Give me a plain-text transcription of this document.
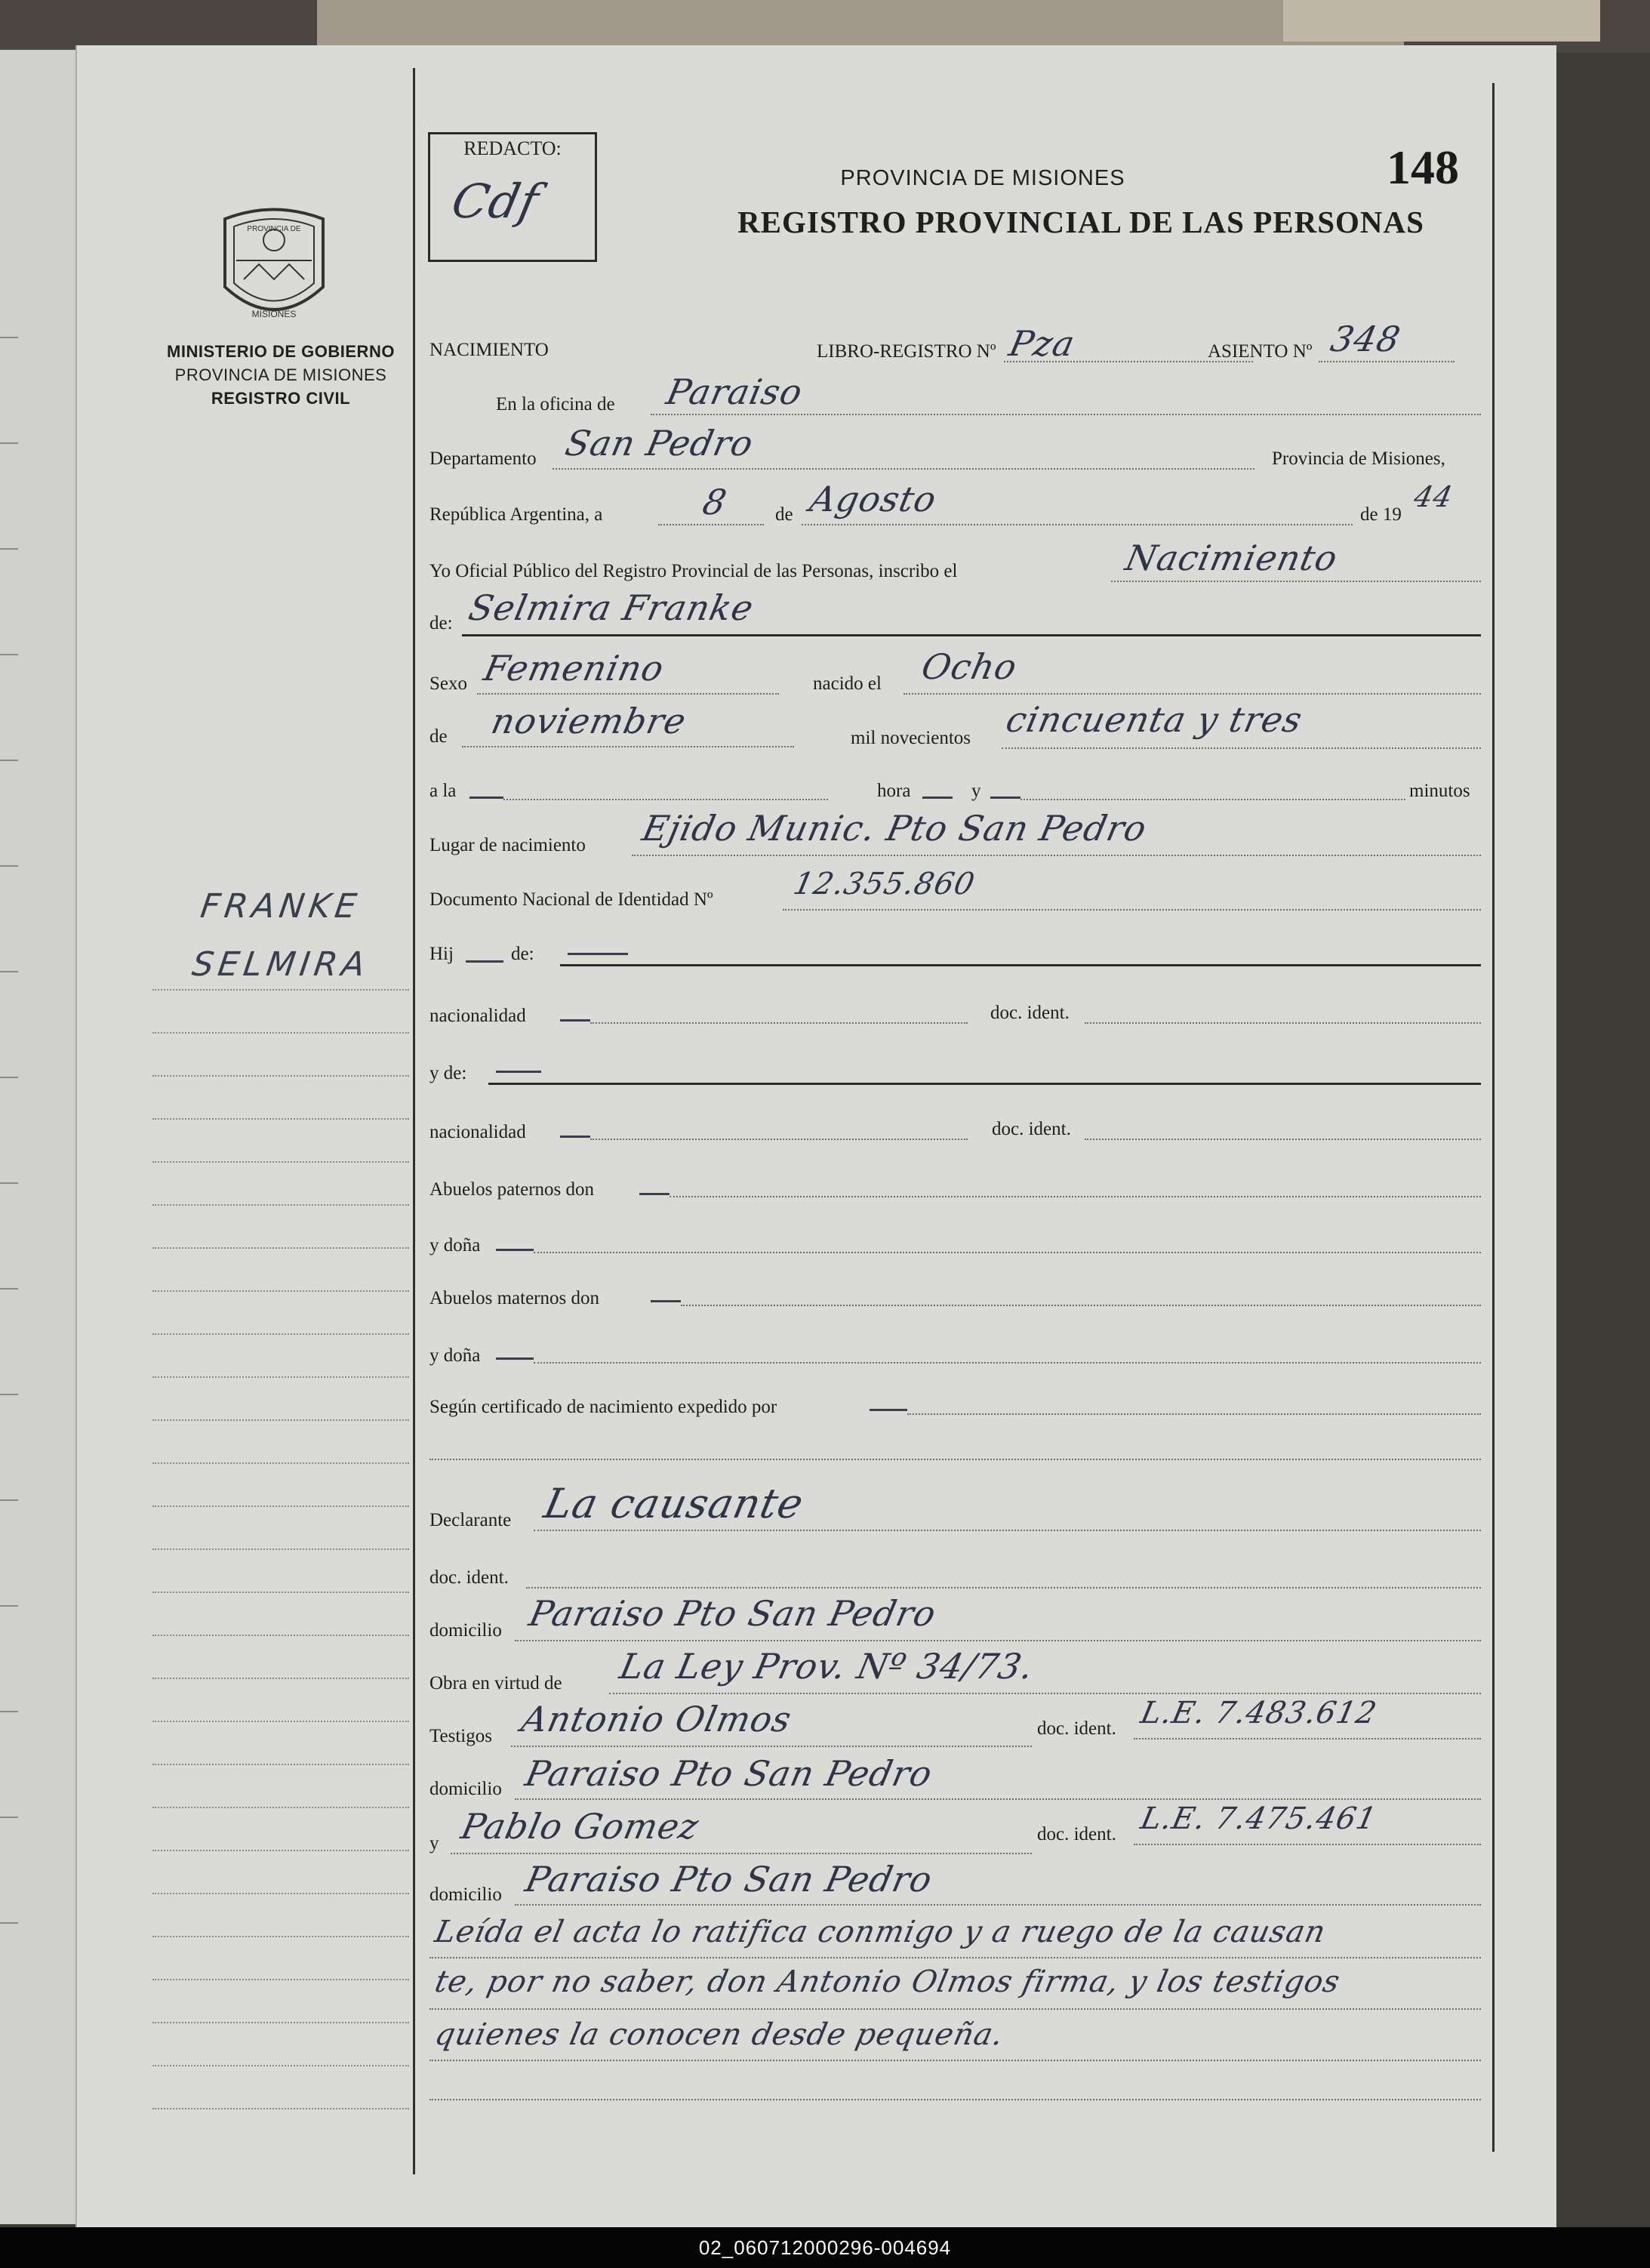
PROVINCIA DE
MISIONES
MINISTERIO DE GOBIERNO
PROVINCIA DE MISIONES
REGISTRO CIVIL
FRANKE
SELMIRA
REDACTO:
Cdf	PROVINCIA DE MISIONES
REGISTRO PROVINCIAL DE LAS PERSONAS
148
NACIMIENTO	LIBRO-REGISTRO Nº Pza	ASIENTO Nº 348
En la oficina de Paraiso
Departamento San Pedro	Provincia de Misiones,
República Argentina, a	8 de Agosto	de 19
44
Yo Oficial Público del Registro Provincial de las Personas, inscribo el	Nacimiento
de: Selmira Franke
Sexo Femenino	nacido el Ocho
de noviembre	mil novecientos cincuenta y tres
a la	hora	y	minutos
Lugar de nacimiento Ejido Munic. Pto San Pedro
Documento Nacional de Identidad Nº	12.355.860
Hij	de:
nacionalidad	doc. ident.
y de:
nacionalidad	doc. ident.
Abuelos paternos don
y doña
Abuelos maternos don
y doña
Según certificado de nacimiento expedido por
Declarante La causante
doc. ident.
domicilio Paraiso Pto San Pedro
Obra en virtud de La Ley Prov. Nº 34/73.
Testigos Antonio Olmos	doc. ident. L.E. 7.483.612
domicilio Paraiso Pto San Pedro
y Pablo Gomez	doc. ident. L.E. 7.475.461
domicilio Paraiso Pto San Pedro
Leída el acta lo ratifica conmigo y a ruego de la causan
te, por no saber, don Antonio Olmos firma, y los testigos
quienes la conocen desde pequeña.
02_060712000296-004694
